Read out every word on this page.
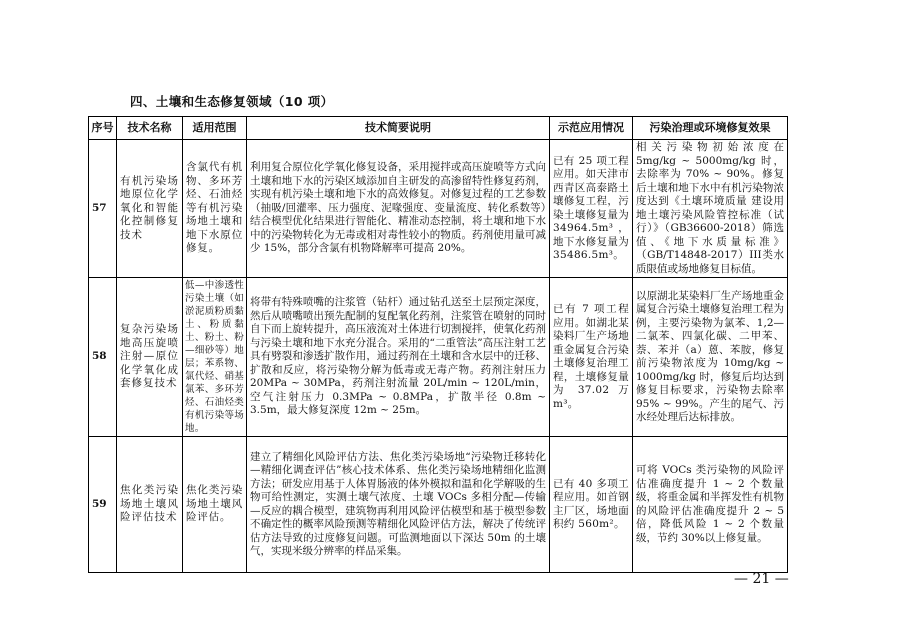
四、土壤和生态修复领域（10 项）
序号	技术名称	适用范围	技术简要说明	示范应用情况	污染治理或环境修复效果
57	有机污染场地原位化学氧化和智能化控制修复技术	含氯代有机物、多环芳烃、石油烃等有机污染场地土壤和地下水原位修复。	利用复合原位化学氧化修复设备，采用搅拌或高压旋喷等方式向土壤和地下水的污染区域添加自主研发的高渗留特性修复药剂，实现有机污染土壤和地下水的高效修复。对修复过程的工艺参数（抽吸/回灌率、压力强度、泥喙强度、变量流度、转化系数等）结合模型优化结果进行智能化、精准动态控制，将土壤和地下水中的污染物转化为无毒或相对毒性较小的物质。药剂使用量可减少 15%，部分含氯有机物降解率可提高 20%。	已有 25 项工程应用。如天津市西青区高泰路土壤修复工程，污染土壤修复量为 34964.5m³，地下水修复量为 35486.5m³。	相关污染物初始浓度在 5mg/kg ~ 5000mg/kg 时，去除率为 70% ~ 90%。修复后土壤和地下水中有机污染物浓度达到《土壤环境质量 建设用地土壤污染风险管控标准（试行）》（GB36600-2018）筛选值、《地下水质量标准》（GB/T14848-2017）III类水质限值或场地修复目标值。
58	复杂污染场地高压旋喷注射—原位化学氧化成套修复技术	低—中渗透性污染土壤（如淤泥质粉质黏土、粉质黏土、粉土、粉—细砂等）地层；苯系物、氯代烃、硝基氯苯、多环芳烃、石油烃类有机污染等场地。	将带有特殊喷嘴的注浆管（钻杆）通过钻孔送至土层预定深度，然后从喷嘴喷出预先配制的复配氧化药剂，注浆管在喷射的同时自下而上旋转提升，高压液流对土体进行切割搅拌，使氧化药剂与污染土壤和地下水充分混合。采用的“二重管法”高压注射工艺具有劈裂和渗透扩散作用，通过药剂在土壤和含水层中的迁移、扩散和反应，将污染物分解为低毒或无毒产物。药剂注射压力 20MPa ~ 30MPa，药剂注射流量 20L/min ~ 120L/min，空气注射压力 0.3MPa ~ 0.8MPa，扩散半径 0.8m ~ 3.5m，最大修复深度 12m ~ 25m。	已有 7 项工程应用。如湖北某染料厂生产场地重金属复合污染土壤修复治理工程，土壤修复量为 37.02 万 m³。	以原湖北某染料厂生产场地重金属复合污染土壤修复治理工程为例，主要污染物为氯苯、1,2—二氯苯、四氯化碳、二甲苯、萘、苯并（a）蒽、苯胺，修复前污染物浓度为 10mg/kg ~ 1000mg/kg 时，修复后均达到修复目标要求，污染物去除率 95% ~ 99%。产生的尾气、污水经处理后达标排放。
59	焦化类污染场地土壤风险评估技术	焦化类污染场地土壤风险评估。	建立了精细化风险评估方法、焦化类污染场地“污染物迁移转化—精细化调查评估”核心技术体系、焦化类污染场地精细化监测方法；研发应用基于人体胃肠液的体外模拟和温和化学解吸的生物可给性测定，实测土壤气浓度、土壤 VOCs 多相分配—传输—反应的耦合模型，建筑物再利用风险评估模型和基于模型参数不确定性的概率风险预测等精细化风险评估方法，解决了传统评估方法导致的过度修复问题。可监测地面以下深达 50m 的土壤气，实现米级分辨率的样品采集。	已有 40 多项工程应用。如首钢主厂区，场地面积约 560m²。	可将 VOCs 类污染物的风险评估准确度提升 1 ~ 2 个数量级，将重金属和半挥发性有机物的风险评估准确度提升 2 ~ 5 倍，降低风险 1 ~ 2 个数量级，节约 30%以上修复量。
— 21 —
